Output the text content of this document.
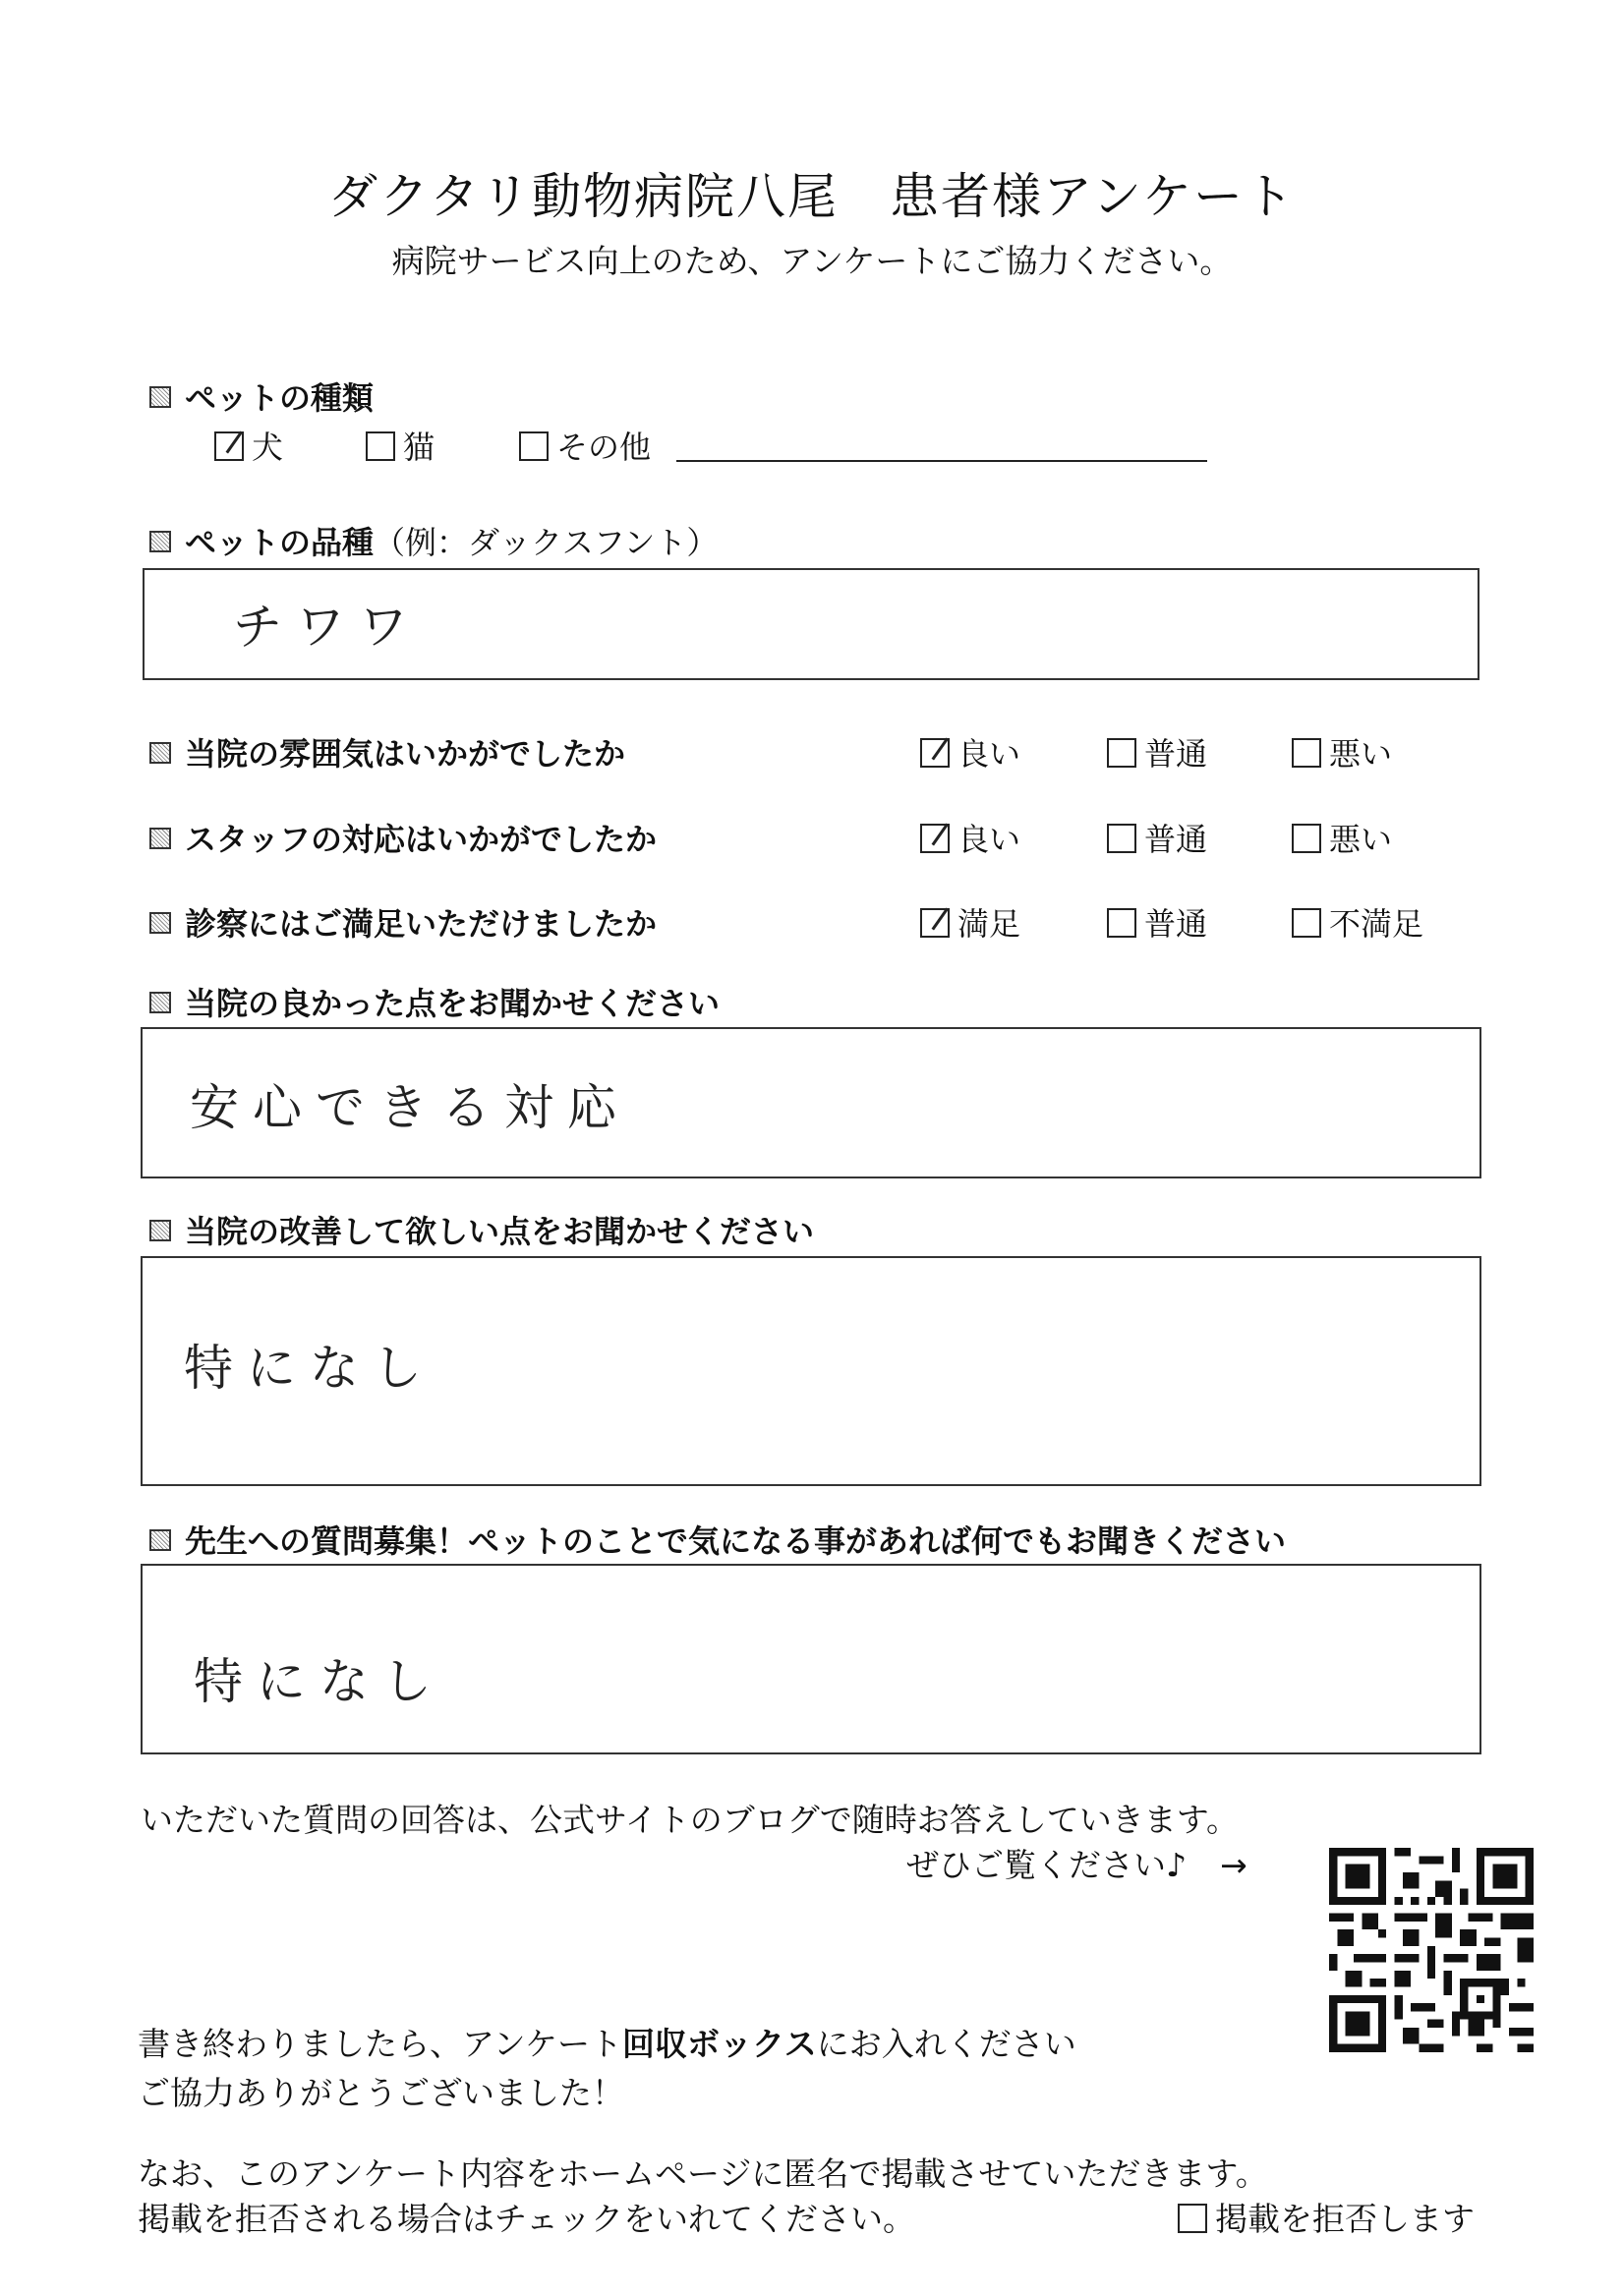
ダクタリ動物病院八尾　患者様アンケート
病院サービス向上のため、アンケートにご協力ください。
ペットの種類
犬	猫	その他
ペットの品種（例：ダックスフント）
チワワ
当院の雰囲気はいかがでしたか	良い	普通	悪い
スタッフの対応はいかがでしたか	良い	普通	悪い
診察にはご満足いただけましたか	満足	普通	不満足
当院の良かった点をお聞かせください
安心できる対応
当院の改善して欲しい点をお聞かせください
特になし
先生への質問募集！ペットのことで気になる事があれば何でもお聞きください
特になし
いただいた質問の回答は、公式サイトのブログで随時お答えしていきます。
ぜひご覧ください♪ →
書き終わりましたら、アンケート回収ボックスにお入れください
ご協力ありがとうございました！
なお、このアンケート内容をホームページに匿名で掲載させていただきます。
掲載を拒否される場合はチェックをいれてください。	掲載を拒否します
